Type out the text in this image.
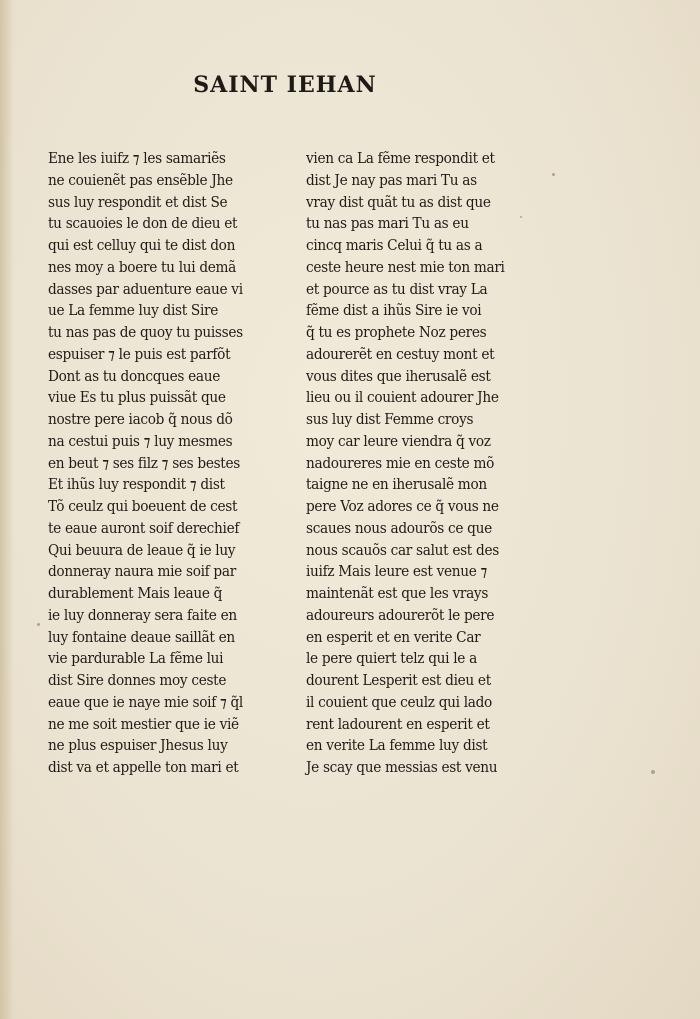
SAINT IEHAN
Ene les iuifz ⁊ les samariẽs
ne couienẽt pas ensẽble Jhe
sus luy respondit et dist Se
tu scauoies le don de dieu et
qui est celluy qui te dist don
nes moy a boere tu lui demã
dasses par aduenture eaue vi
ue La femme luy dist Sire
tu nas pas de quoy tu puisses
espuiser ⁊ le puis est parfõt
Dont as tu doncques eaue
viue Es tu plus puissãt que
nostre pere iacob q̃ nous dõ
na cestui puis ⁊ luy mesmes
en beut ⁊ ses filz ⁊ ses bestes
Et ihũs luy respondit ⁊ dist
Tõ ceulz qui boeuent de cest
te eaue auront soif derechief
Qui beuura de leaue q̃ ie luy
donneray naura mie soif par
durablement Mais leaue q̃
ie luy donneray sera faite en
luy fontaine deaue saillãt en
vie pardurable La fẽme lui
dist Sire donnes moy ceste
eaue que ie naye mie soif ⁊ q̃l
ne me soit mestier que ie viẽ
ne plus espuiser Jhesus luy
dist va et appelle ton mari et
vien ca La fẽme respondit et
dist Je nay pas mari Tu as
vray dist quãt tu as dist que
tu nas pas mari Tu as eu
cincq maris Celui q̃ tu as a
ceste heure nest mie ton mari
et pource as tu dist vray La
fẽme dist a ihũs Sire ie voi
q̃ tu es prophete Noz peres
adourerẽt en cestuy mont et
vous dites que iherusalẽ est
lieu ou il couient adourer Jhe
sus luy dist Femme croys
moy car leure viendra q̃ voz
nadoureres mie en ceste mõ
taigne ne en iherusalẽ mon
pere Voz adores ce q̃ vous ne
scaues nous adourõs ce que
nous scauõs car salut est des
iuifz Mais leure est venue ⁊
maintenãt est que les vrays
adoureurs adourerõt le pere
en esperit et en verite Car
le pere quiert telz qui le a
dourent Lesperit est dieu et
il couient que ceulz qui lado
rent ladourent en esperit et
en verite La femme luy dist
Je scay que messias est venu
